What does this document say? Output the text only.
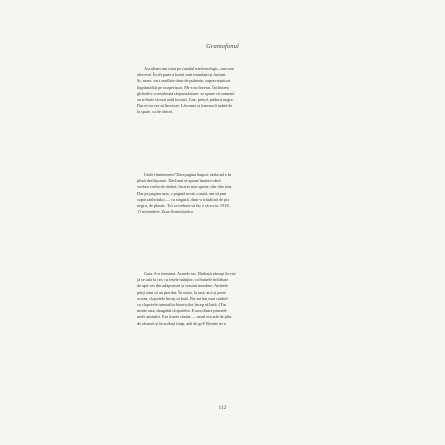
Gramofonul
Ascultam-am uitat pe canalul meteorologic, cum am
obiceiul. În alt parte a lumii sunt inundații și furtuni.
Și, mare, vaci umflate duse de puhoaie, supraviețuitori
îngrămădiți pe acoperișuri. Mi-e au încerat. Înclinirea
globală e considerată răspunzătoare: se spune că oamenii
au trebuie să mai ardă lucruri. Gaz, petrol, pădurii negre.
Dar ei nu vor să înceteze. Lăcomia și foamea îi mână de
la spate, ca de obicei.
Unde rămăsesem? Dau pagina înapoi: războiul e în
plină desfășurare. Declinul se spune înainte când
vorbea vorba de război; încă se mai spune, din câte știu.
Dar pe pagina asta, o pagină nouă, curată, am să pun
capăt războiului — cu singură, dintr-o trăsătură de pix
negru, de plastic. Tot ce trebuie să fac e să scriu: 1918,
11 noiembrie. Ziua Armistițiului.
Gata. S-a terminat. Armele tac. Bărbații rămași în via-
ță se uită la cer, cu fețele mânjite, cu hainele îmbibate
de apă: ies din adăposturi și vizuini murdare. Ambele
părți simt că au pierdut. În orașe, la țară, aici și peste
ocean, clopotele încep să bată. Nu-mi bat mai curând
ca clopotele turnurilor bisericilor încep să bată. (Tin
minte asta, dangătul clopotelor. E una dintre primele
mele amintiri. Era foarte ciudat — aerul era atât de plin
de răsunet și în același timp, atât de gol! Reenie m-a
112
